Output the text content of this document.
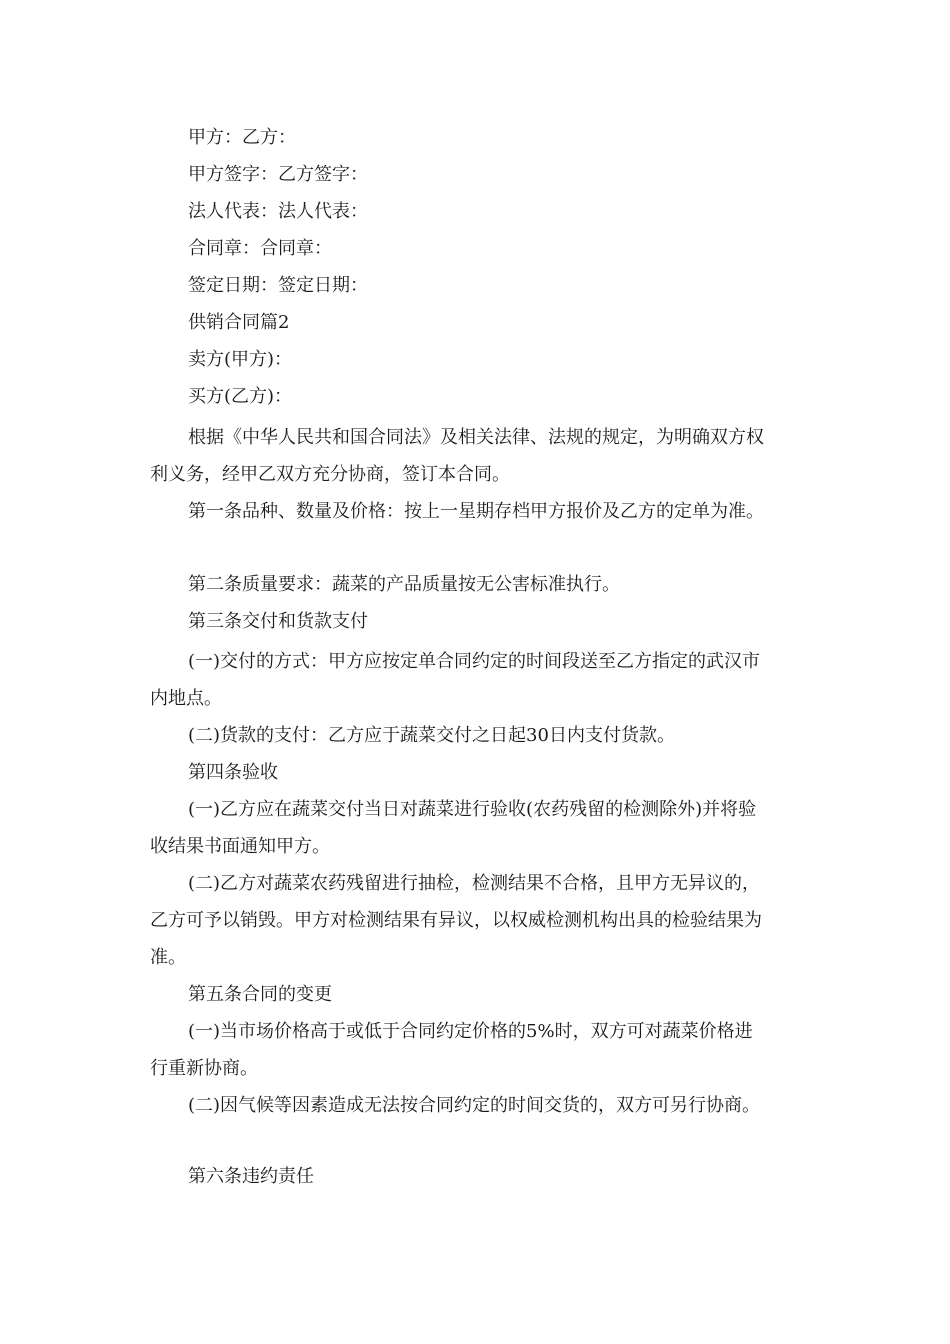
甲方：乙方：
甲方签字：乙方签字：
法人代表：法人代表：
合同章：合同章：
签定日期：签定日期：
供销合同篇2
卖方(甲方)：
买方(乙方)：
根据《中华人民共和国合同法》及相关法律、法规的规定，为明确双方权
利义务，经甲乙双方充分协商，签订本合同。
第一条品种、数量及价格：按上一星期存档甲方报价及乙方的定单为准。
第二条质量要求：蔬菜的产品质量按无公害标准执行。
第三条交付和货款支付
(一)交付的方式：甲方应按定单合同约定的时间段送至乙方指定的武汉市
内地点。
(二)货款的支付：乙方应于蔬菜交付之日起30日内支付货款。
第四条验收
(一)乙方应在蔬菜交付当日对蔬菜进行验收(农药残留的检测除外)并将验
收结果书面通知甲方。
(二)乙方对蔬菜农药残留进行抽检，检测结果不合格，且甲方无异议的，
乙方可予以销毁。甲方对检测结果有异议，以权威检测机构出具的检验结果为
准。
第五条合同的变更
(一)当市场价格高于或低于合同约定价格的5%时，双方可对蔬菜价格进
行重新协商。
(二)因气候等因素造成无法按合同约定的时间交货的，双方可另行协商。
第六条违约责任
